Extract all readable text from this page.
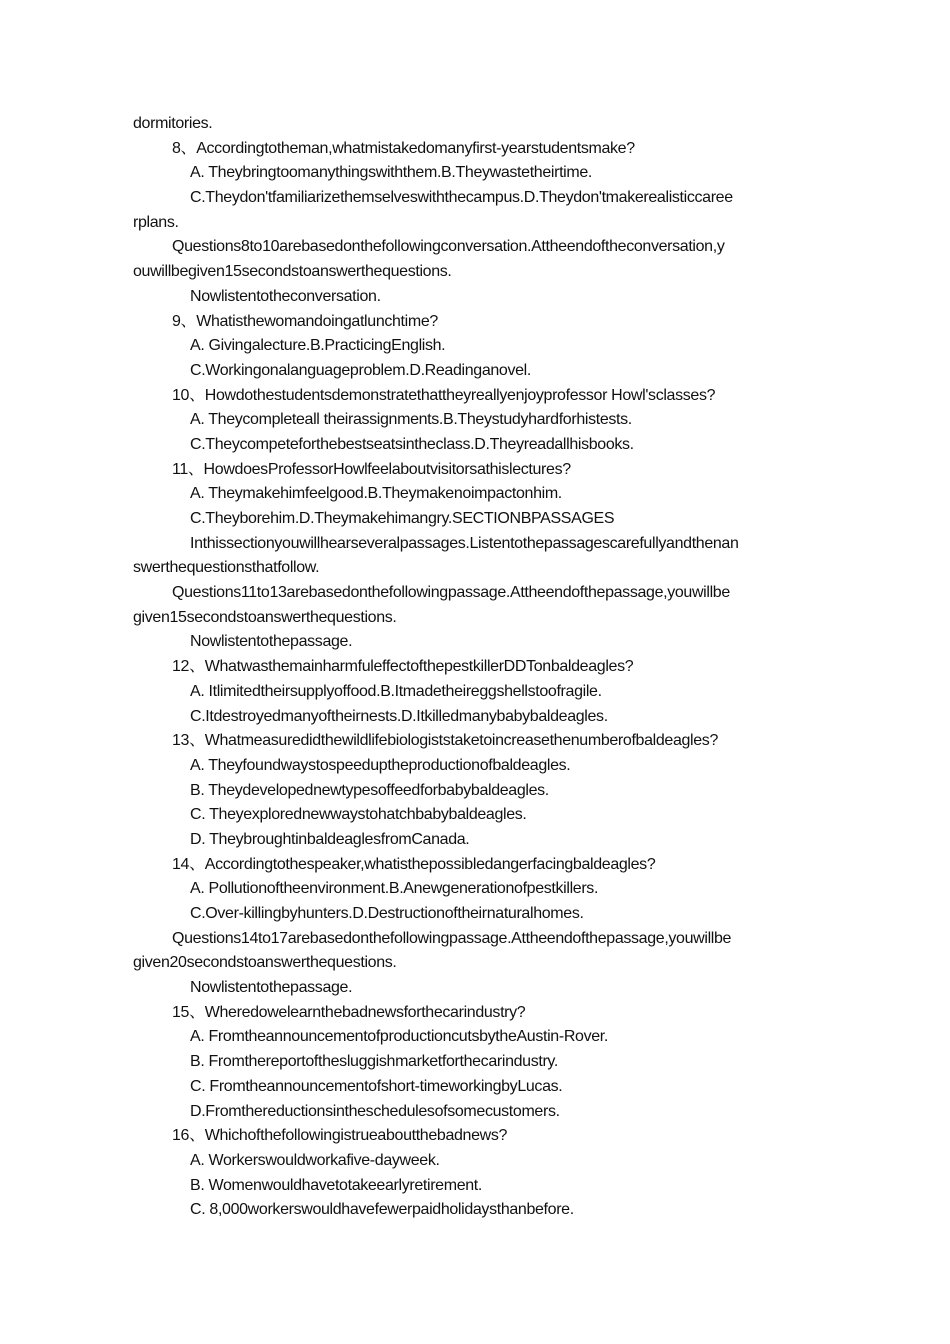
dormitories.
8、Accordingtotheman,whatmistakedomanyfirst-yearstudentsmake?
A. Theybringtoomanythingswiththem.B.Theywastetheirtime.
C.Theydon'tfamiliarizethemselveswiththecampus.D.Theydon'tmakerealisticcaree
rplans.
Questions8to10arebasedonthefollowingconversation.Attheendoftheconversation,y
ouwillbegiven15secondstoanswerthequestions.
Nowlistentotheconversation.
9、Whatisthewomandoingatlunchtime?
A. Givingalecture.B.PracticingEnglish.
C.Workingonalanguageproblem.D.Readinganovel.
10、Howdothestudentsdemonstratethattheyreallyenjoyprofessor Howl'sclasses?
A. Theycompleteall theirassignments.B.Theystudyhardforhistests.
C.Theycompeteforthebestseatsintheclass.D.Theyreadallhisbooks.
11、HowdoesProfessorHowlfeelaboutvisitorsathislectures?
A. Theymakehimfeelgood.B.Theymakenoimpactonhim.
C.Theyborehim.D.Theymakehimangry.SECTIONBPASSAGES
Inthissectionyouwillhearseveralpassages.Listentothepassagescarefullyandthenan
swerthequestionsthatfollow.
Questions11to13arebasedonthefollowingpassage.Attheendofthepassage,youwillbe
given15secondstoanswerthequestions.
Nowlistentothepassage.
12、WhatwasthemainharmfuleffectofthepestkillerDDTonbaldeagles?
A. Itlimitedtheirsupplyoffood.B.Itmadetheireggshellstoofragile.
C.Itdestroyedmanyoftheirnests.D.Itkilledmanybabybaldeagles.
13、Whatmeasuredidthewildlifebiologiststaketoincreasethenumberofbaldeagles?
A. Theyfoundwaystospeeduptheproductionofbaldeagles.
B. Theydevelopednewtypesoffeedforbabybaldeagles.
C. Theyexplorednewwaystohatchbabybaldeagles.
D. TheybroughtinbaldeaglesfromCanada.
14、Accordingtothespeaker,whatisthepossibledangerfacingbaldeagles?
A. Pollutionoftheenvironment.B.Anewgenerationofpestkillers.
C.Over-killingbyhunters.D.Destructionoftheirnaturalhomes.
Questions14to17arebasedonthefollowingpassage.Attheendofthepassage,youwillbe
given20secondstoanswerthequestions.
Nowlistentothepassage.
15、Wheredowelearnthebadnewsforthecarindustry?
A. FromtheannouncementofproductioncutsbytheAustin-Rover.
B. Fromthereportofthesluggishmarketforthecarindustry.
C. Fromtheannouncementofshort-timeworkingbyLucas.
D.Fromthereductionsintheschedulesofsomecustomers.
16、Whichofthefollowingistrueaboutthebadnews?
A. Workerswouldworkafive-dayweek.
B. Womenwouldhavetotakeearlyretirement.
C. 8,000workerswouldhavefewerpaidholidaysthanbefore.
